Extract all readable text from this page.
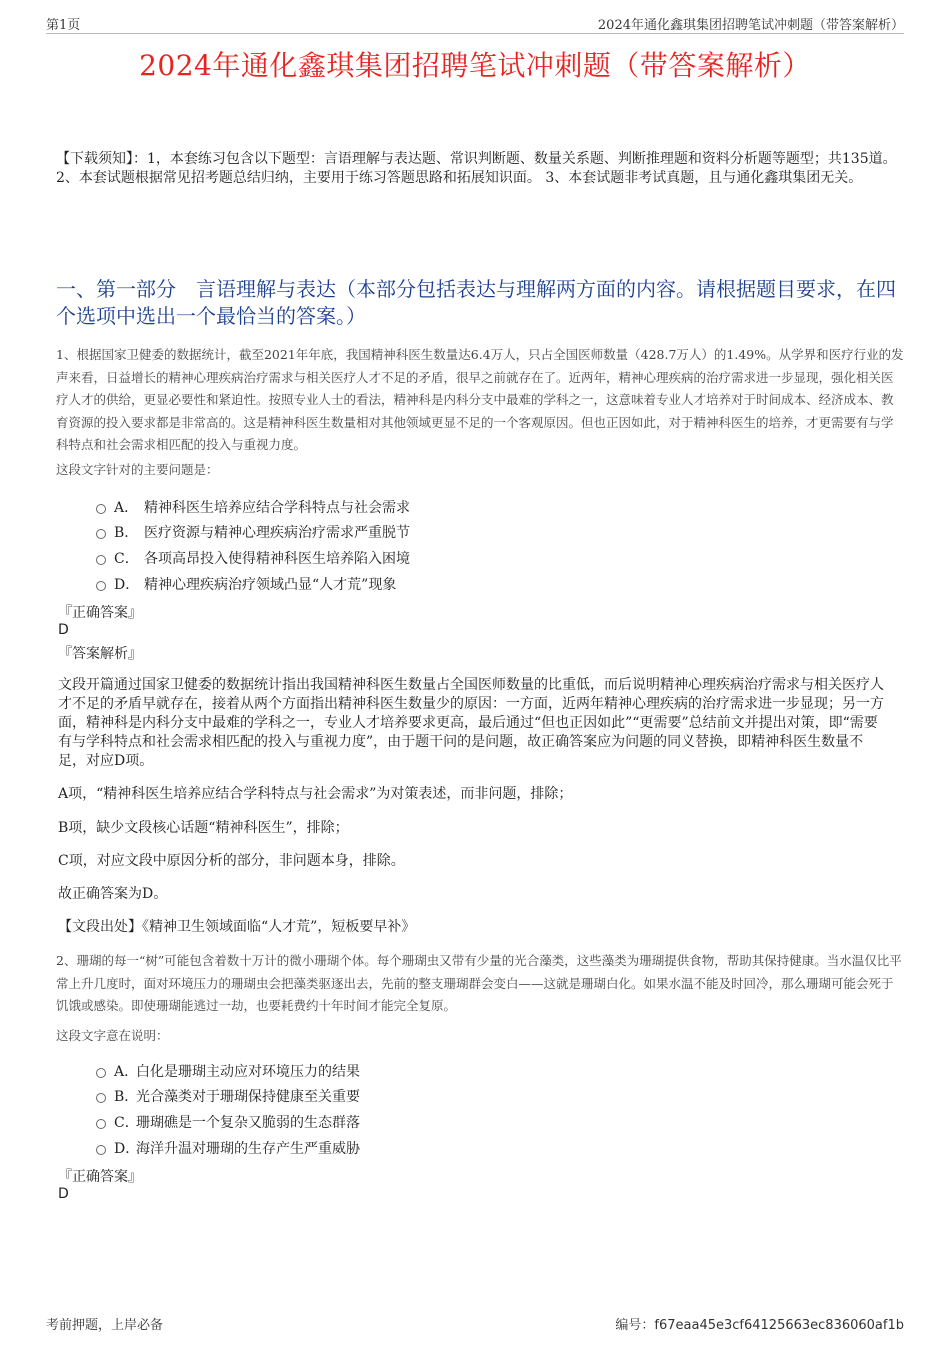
第1页	2024年通化鑫琪集团招聘笔试冲刺题（带答案解析）
2024年通化鑫琪集团招聘笔试冲刺题（带答案解析）
【下载须知】：1，本套练习包含以下题型：言语理解与表达题、常识判断题、数量关系题、判断推理题和资料分析题等题型；共135道。 2、本套试题根据常见招考题总结归纳，主要用于练习答题思路和拓展知识面。 3、本套试题非考试真题，且与通化鑫琪集团无关。
一、第一部分　言语理解与表达（本部分包括表达与理解两方面的内容。请根据题目要求，在四个选项中选出一个最恰当的答案。）
1、根据国家卫健委的数据统计，截至2021年年底，我国精神科医生数量达6.4万人，只占全国医师数量（428.7万人）的1.49%。从学界和医疗行业的发声来看，日益增长的精神心理疾病治疗需求与相关医疗人才不足的矛盾，很早之前就存在了。近两年，精神心理疾病的治疗需求进一步显现，强化相关医疗人才的供给，更显必要性和紧迫性。按照专业人士的看法，精神科是内科分支中最难的学科之一，这意味着专业人才培养对于时间成本、经济成本、教育资源的投入要求都是非常高的。这是精神科医生数量相对其他领域更显不足的一个客观原因。但也正因如此，对于精神科医生的培养，才更需要有与学科特点和社会需求相匹配的投入与重视力度。
这段文字针对的主要问题是：
A． 精神科医生培养应结合学科特点与社会需求
B． 医疗资源与精神心理疾病治疗需求严重脱节
C． 各项高昂投入使得精神科医生培养陷入困境
D． 精神心理疾病治疗领域凸显“人才荒”现象
『正确答案』
D
『答案解析』
文段开篇通过国家卫健委的数据统计指出我国精神科医生数量占全国医师数量的比重低，而后说明精神心理疾病治疗需求与相关医疗人才不足的矛盾早就存在，接着从两个方面指出精神科医生数量少的原因：一方面，近两年精神心理疾病的治疗需求进一步显现；另一方面，精神科是内科分支中最难的学科之一，专业人才培养要求更高，最后通过“但也正因如此”“更需要”总结前文并提出对策，即“需要有与学科特点和社会需求相匹配的投入与重视力度”，由于题干问的是问题，故正确答案应为问题的同义替换，即精神科医生数量不足，对应D项。
A项，“精神科医生培养应结合学科特点与社会需求”为对策表述，而非问题，排除；
B项，缺少文段核心话题“精神科医生”，排除；
C项，对应文段中原因分析的部分，非问题本身，排除。
故正确答案为D。
【文段出处】《精神卫生领域面临“人才荒”，短板要早补》
2、珊瑚的每一“树”可能包含着数十万计的微小珊瑚个体。每个珊瑚虫又带有少量的光合藻类，这些藻类为珊瑚提供食物，帮助其保持健康。当水温仅比平常上升几度时，面对环境压力的珊瑚虫会把藻类驱逐出去，先前的整支珊瑚群会变白——这就是珊瑚白化。如果水温不能及时回冷，那么珊瑚可能会死于饥饿或感染。即使珊瑚能逃过一劫，也要耗费约十年时间才能完全复原。
这段文字意在说明：
A．
白化是珊瑚主动应对环境压力的结果
B．
光合藻类对于珊瑚保持健康至关重要
C．
珊瑚礁是一个复杂又脆弱的生态群落
D．
海洋升温对珊瑚的生存产生严重威胁
『正确答案』
D
考前押题，上岸必备	编号：f67eaa45e3cf64125663ec836060af1b
